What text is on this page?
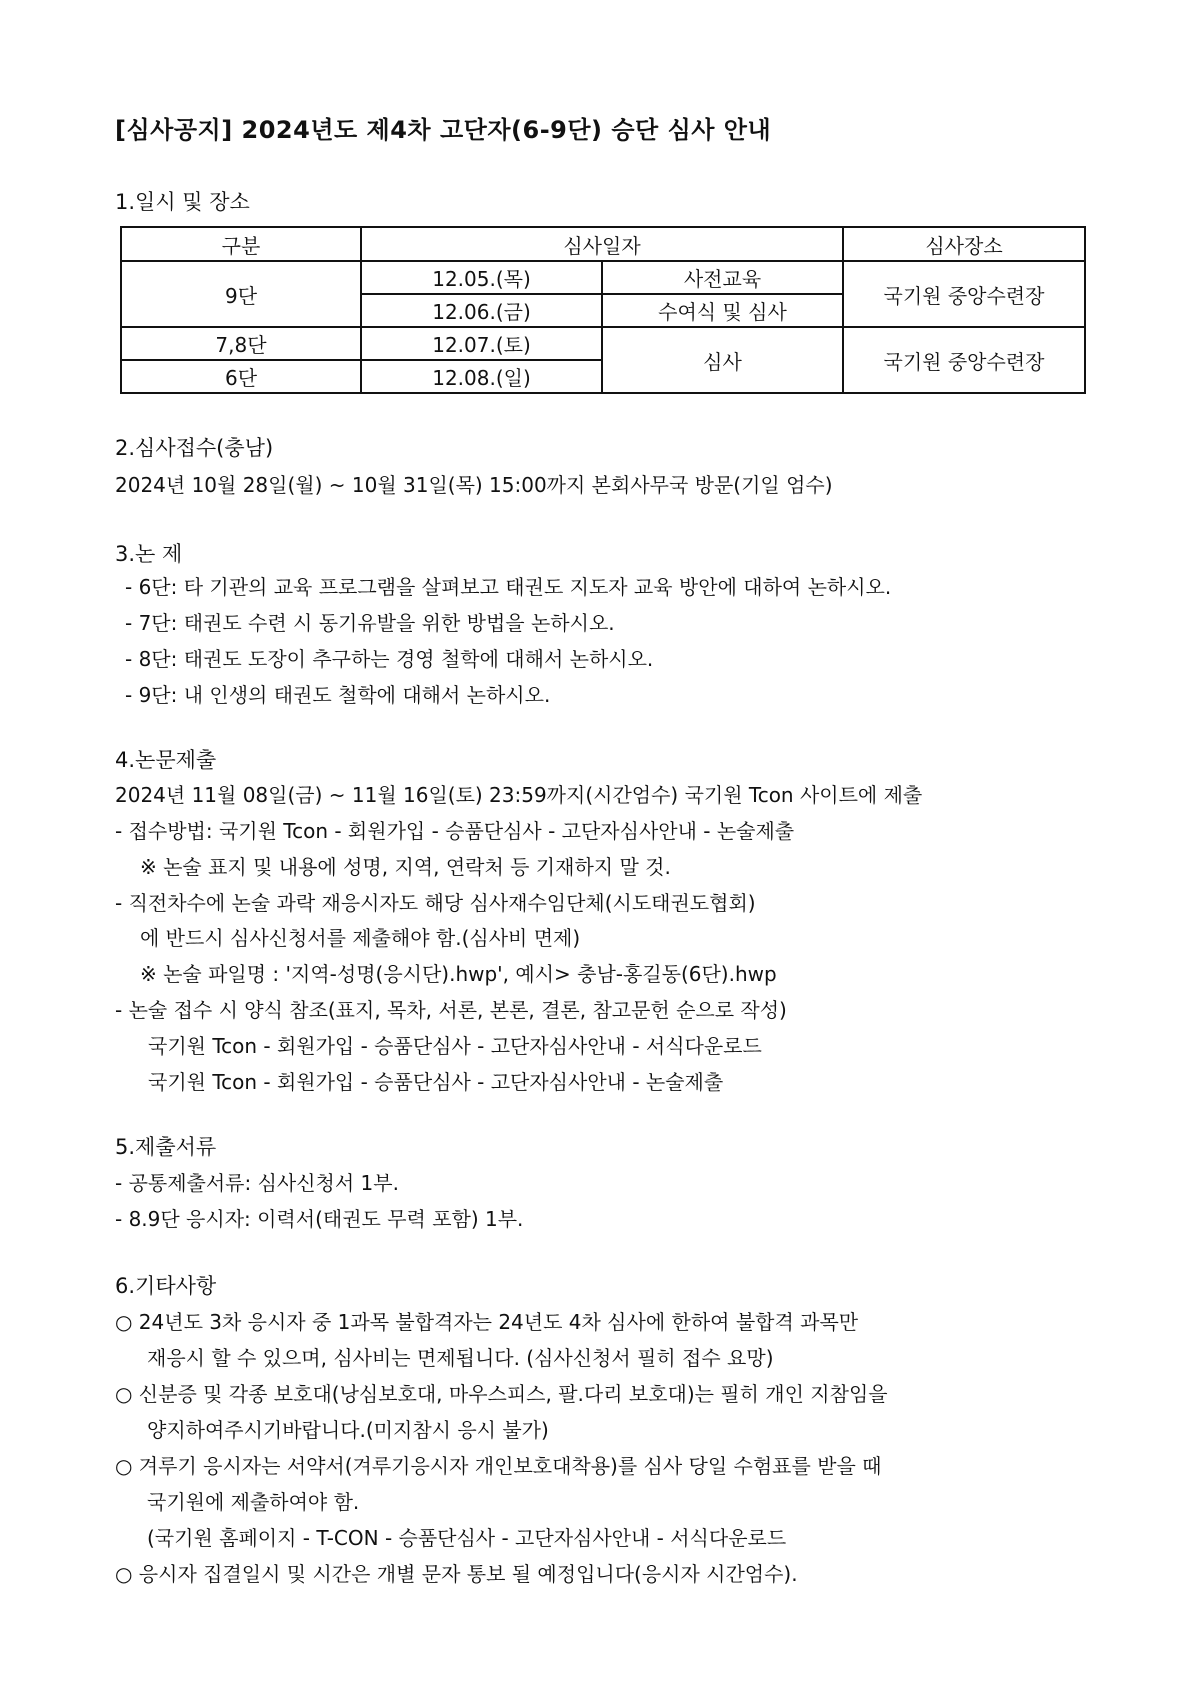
[심사공지] 2024년도 제4차 고단자(6-9단) 승단 심사 안내
1.일시 및 장소
구분	심사일자		심사장소
9단	12.05.(목)	사전교육	국기원 중앙수련장
	12.06.(금)	수여식 및 심사	
7,8단	12.07.(토)	심사	국기원 중앙수련장
6단	12.08.(일)		
2.심사접수(충남)
2024년 10월 28일(월) ~ 10월 31일(목) 15:00까지 본회사무국 방문(기일 엄수)
3.논 제
- 6단: 타 기관의 교육 프로그램을 살펴보고 태권도 지도자 교육 방안에 대하여 논하시오.
- 7단: 태권도 수련 시 동기유발을 위한 방법을 논하시오.
- 8단: 태권도 도장이 추구하는 경영 철학에 대해서 논하시오.
- 9단: 내 인생의 태권도 철학에 대해서 논하시오.
4.논문제출
2024년 11월 08일(금) ~ 11월 16일(토) 23:59까지(시간엄수) 국기원 Tcon 사이트에 제출
- 접수방법: 국기원 Tcon - 회원가입 - 승품단심사 - 고단자심사안내 - 논술제출
※ 논술 표지 및 내용에 성명, 지역, 연락처 등 기재하지 말 것.
- 직전차수에 논술 과락 재응시자도 해당 심사재수임단체(시도태권도협회)
에 반드시 심사신청서를 제출해야 함.(심사비 면제)
※ 논술 파일명 : '지역-성명(응시단).hwp', 예시> 충남-홍길동(6단).hwp
- 논술 접수 시 양식 참조(표지, 목차, 서론, 본론, 결론, 참고문헌 순으로 작성)
국기원 Tcon - 회원가입 - 승품단심사 - 고단자심사안내 - 서식다운로드
국기원 Tcon - 회원가입 - 승품단심사 - 고단자심사안내 - 논술제출
5.제출서류
- 공통제출서류: 심사신청서 1부.
- 8.9단 응시자: 이력서(태권도 무력 포함) 1부.
6.기타사항
○ 24년도 3차 응시자 중 1과목 불합격자는 24년도 4차 심사에 한하여 불합격 과목만
재응시 할 수 있으며, 심사비는 면제됩니다. (심사신청서 필히 접수 요망)
○ 신분증 및 각종 보호대(낭심보호대, 마우스피스, 팔.다리 보호대)는 필히 개인 지참임을
양지하여주시기바랍니다.(미지참시 응시 불가)
○ 겨루기 응시자는 서약서(겨루기응시자 개인보호대착용)를 심사 당일 수험표를 받을 때
국기원에 제출하여야 함.
(국기원 홈페이지 - T-CON - 승품단심사 - 고단자심사안내 - 서식다운로드
○ 응시자 집결일시 및 시간은 개별 문자 통보 될 예정입니다(응시자 시간엄수).
